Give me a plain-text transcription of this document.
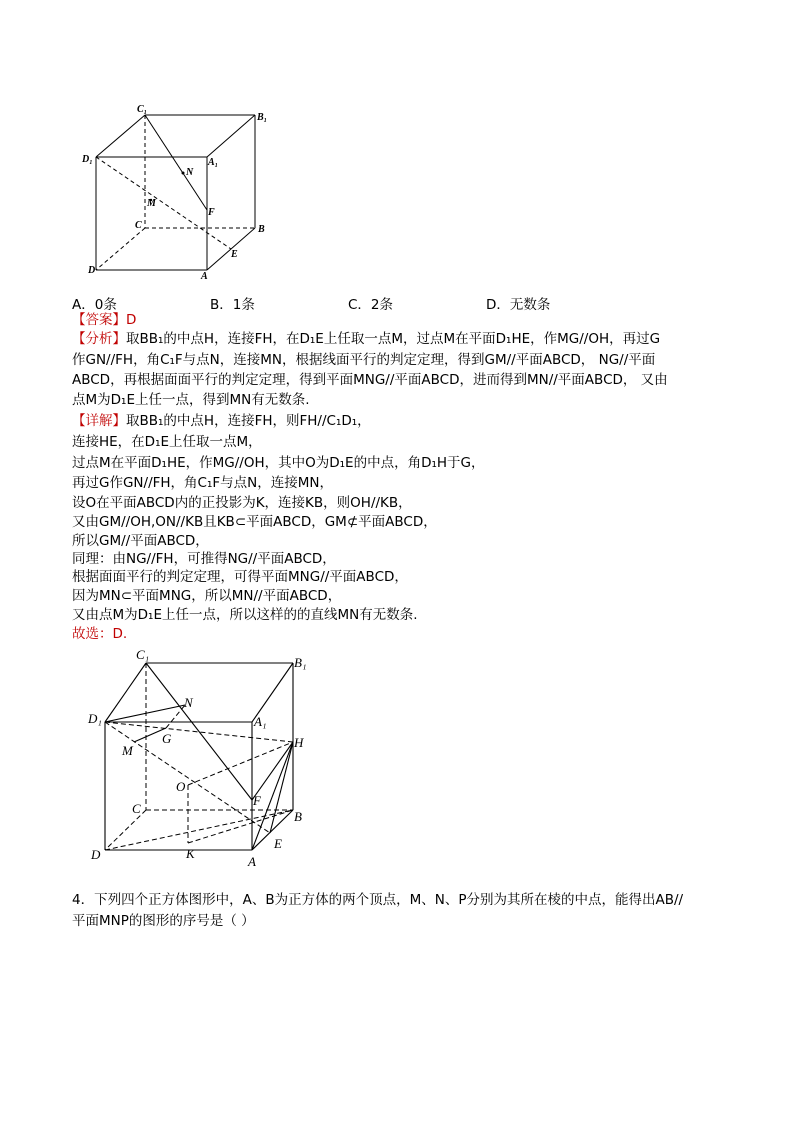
C₁
B₁
D₁	A₁
N
M
F
C	B
E
D
A
A．0条	B．1条	C．2条	D．无数条
【答案】D
【分析】取BB₁的中点H，连接FH，在D₁E上任取一点M，过点M在平面D₁HE，作MG//OH，再过G
作GN//FH，角C₁F与点N，连接MN，根据线面平行的判定定理，得到GM//平面ABCD， NG//平面
ABCD，再根据面面平行的判定定理，得到平面MNG//平面ABCD，进而得到MN//平面ABCD， 又由
点M为D₁E上任一点，得到MN有无数条.
【详解】取BB₁的中点H，连接FH，则FH//C₁D₁，
连接HE，在D₁E上任取一点M，
过点M在平面D₁HE，作MG//OH，其中O为D₁E的中点，角D₁H于G，
再过G作GN//FH，角C₁F与点N，连接MN，
设O在平面ABCD内的正投影为K，连接KB，则OH//KB，
又由GM//OH,ON//KB且KB⊂平面ABCD，GM⊄平面ABCD，
所以GM//平面ABCD，
同理：由NG//FH，可推得NG//平面ABCD，
根据面面平行的判定定理，可得平面MNG//平面ABCD，
因为MN⊂平面MNG，所以MN//平面ABCD，
又由点M为D₁E上任一点，所以这样的的直线MN有无数条.
故选：D.
C₁
B₁
D₁
N
A₁
H
G
M
O
F
C
B
K
E
D	A
4．下列四个正方体图形中，A、B为正方体的两个顶点，M、N、P分别为其所在棱的中点，能得出AB//
平面MNP的图形的序号是（ ）
